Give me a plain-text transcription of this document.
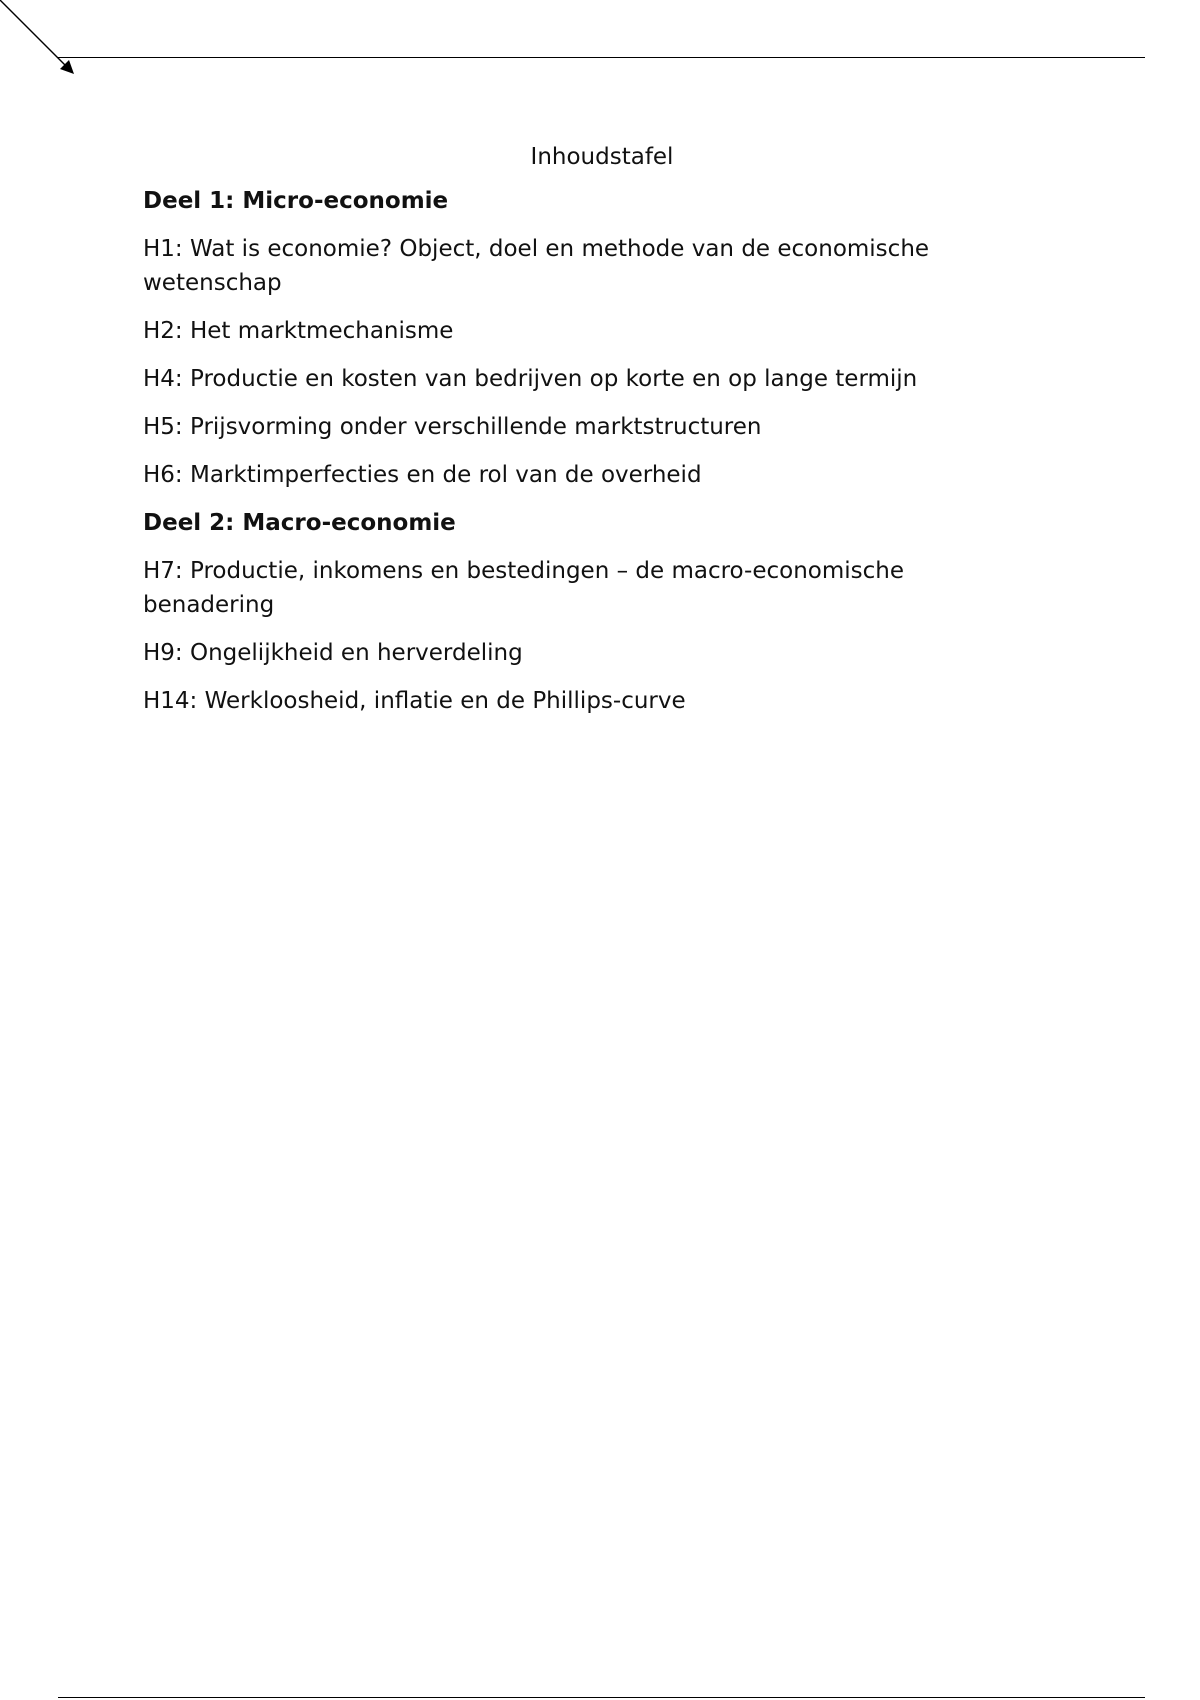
Inhoudstafel
Deel 1: Micro-economie
H1: Wat is economie? Object, doel en methode van de economische wetenschap
H2: Het marktmechanisme
H4: Productie en kosten van bedrijven op korte en op lange termijn
H5: Prijsvorming onder verschillende marktstructuren
H6: Marktimperfecties en de rol van de overheid
Deel 2: Macro-economie
H7: Productie, inkomens en bestedingen – de macro-economische benadering
H9: Ongelijkheid en herverdeling
H14: Werkloosheid, inflatie en de Phillips-curve
